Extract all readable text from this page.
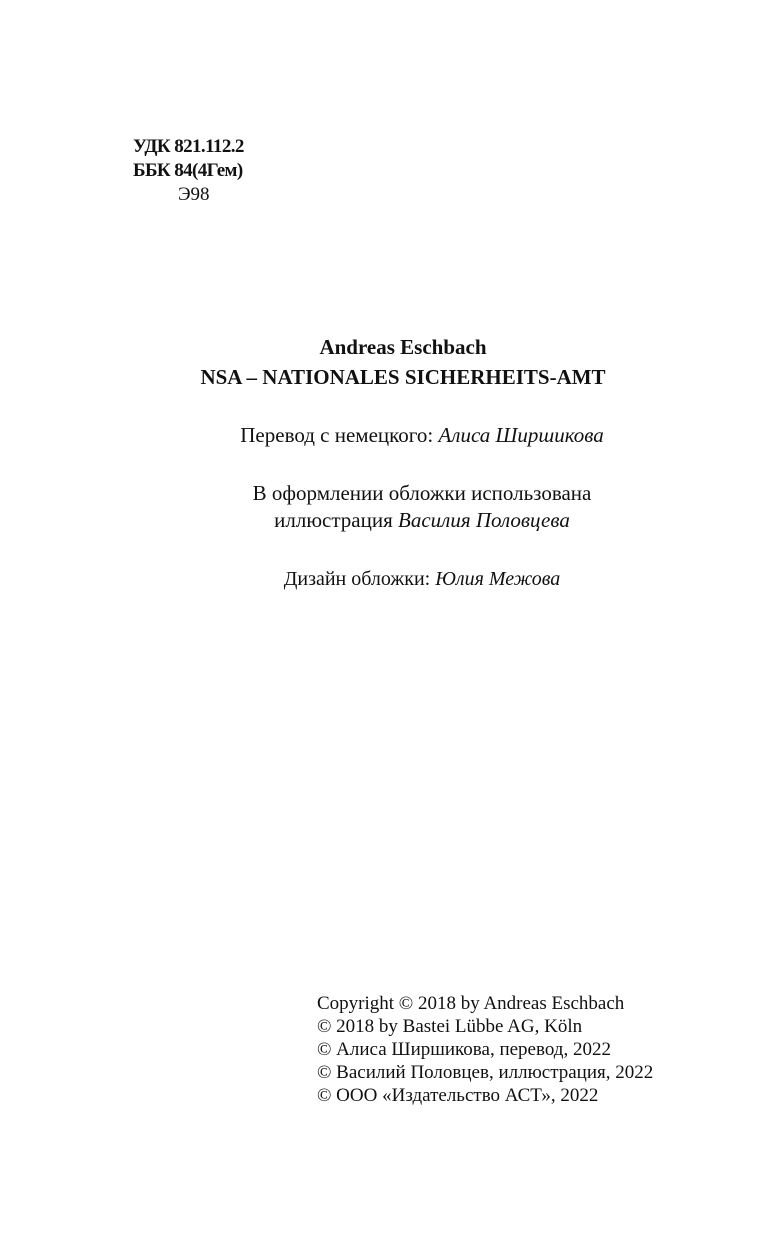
УДК 821.112.2
ББК 84(4Гем)
Э98
Andreas Eschbach
NSA – NATIONALES SICHERHEITS-AMT
Перевод с немецкого: Алиса Ширшикова
В оформлении обложки использована
иллюстрация Василия Половцева
Дизайн обложки: Юлия Межова
Copyright © 2018 by Andreas Eschbach
© 2018 by Bastei Lübbe AG, Köln
© Алиса Ширшикова, перевод, 2022
© Василий Половцев, иллюстрация, 2022
© ООО «Издательство АСТ», 2022
